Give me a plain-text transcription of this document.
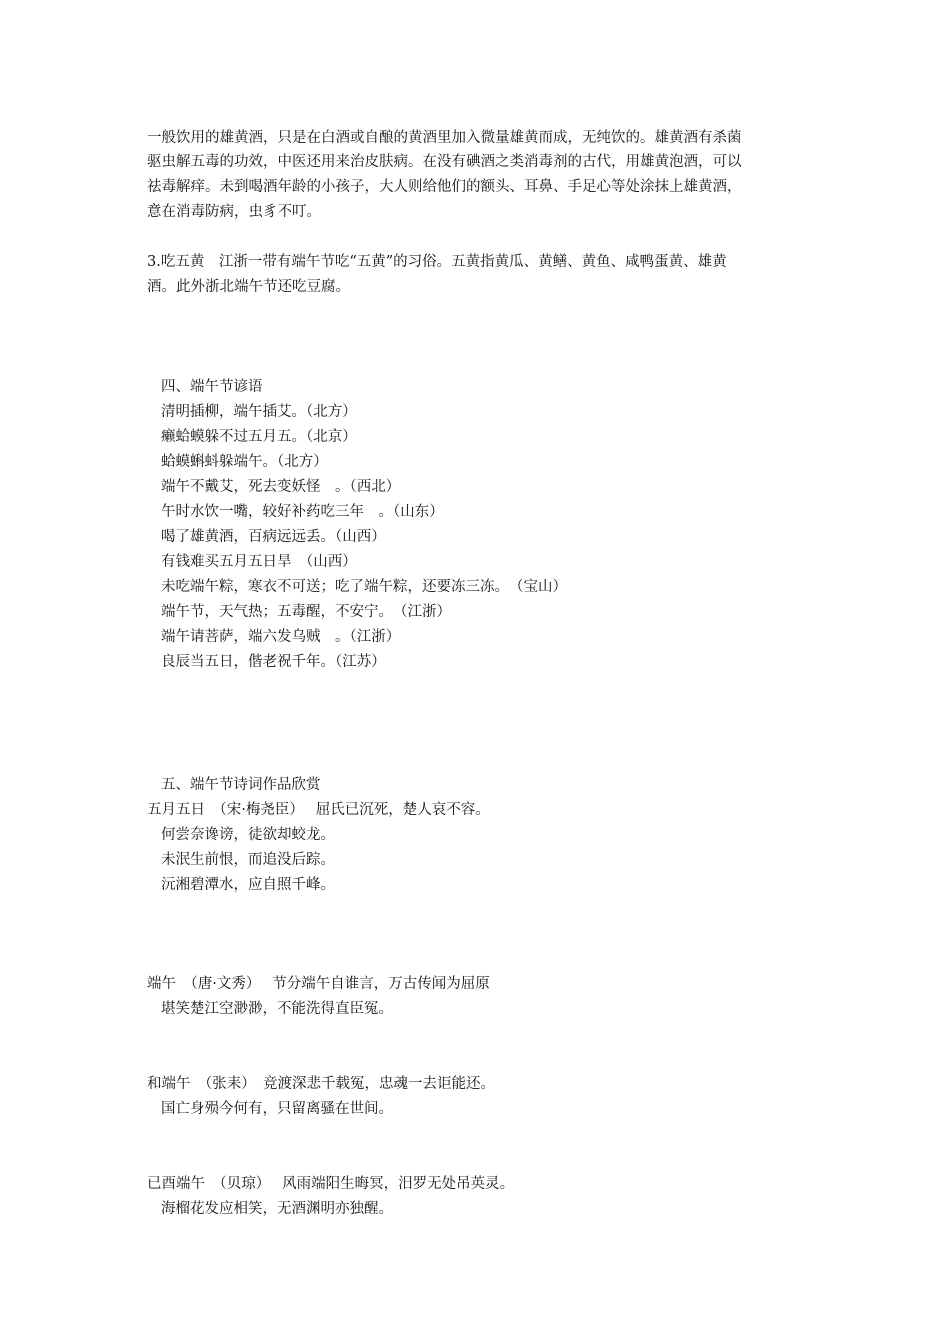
一般饮用的雄黄酒，只是在白酒或自酿的黄酒里加入微量雄黄而成，无纯饮的。雄黄酒有杀菌
驱虫解五毒的功效，中医还用来治皮肤病。在没有碘酒之类消毒剂的古代，用雄黄泡酒，可以
祛毒解痒。未到喝酒年龄的小孩子，大人则给他们的额头、耳鼻、手足心等处涂抹上雄黄酒，
意在消毒防病，虫豸不叮。
3.吃五黄　江浙一带有端午节吃“五黄”的习俗。五黄指黄瓜、黄鳝、黄鱼、咸鸭蛋黄、雄黄
酒。此外浙北端午节还吃豆腐。
四、端午节谚语
清明插柳，端午插艾。（北方）
癞蛤蟆躲不过五月五。（北京）
蛤蟆蝌蚪躲端午。（北方）
端午不戴艾，死去变妖怪　。（西北）
午时水饮一嘴，较好补药吃三年　。（山东）
喝了雄黄酒，百病远远丢。（山西）
有钱难买五月五日旱　（山西）
未吃端午粽，寒衣不可送；吃了端午粽，还要冻三冻。　（宝山）
端午节，天气热；五毒醒，不安宁。　（江浙）
端午请菩萨，端六发乌贼　。（江浙）
良辰当五日，偕老祝千年。（江苏）
五、端午节诗词作品欣赏
五月五日　（宋·梅尧臣）　 屈氏已沉死，楚人哀不容。
何尝奈谗谤，徒欲却蛟龙。
未泯生前恨，而追没后踪。
沅湘碧潭水，应自照千峰。
端午　（唐·文秀）　 节分端午自谁言，万古传闻为屈原
堪笑楚江空渺渺，不能洗得直臣冤。
和端午　（张耒）　竞渡深悲千载冤，忠魂一去讵能还。
国亡身殒今何有，只留离骚在世间。
已酉端午　（贝琼）　 风雨端阳生晦冥，汨罗无处吊英灵。
海榴花发应相笑，无酒渊明亦独醒。
